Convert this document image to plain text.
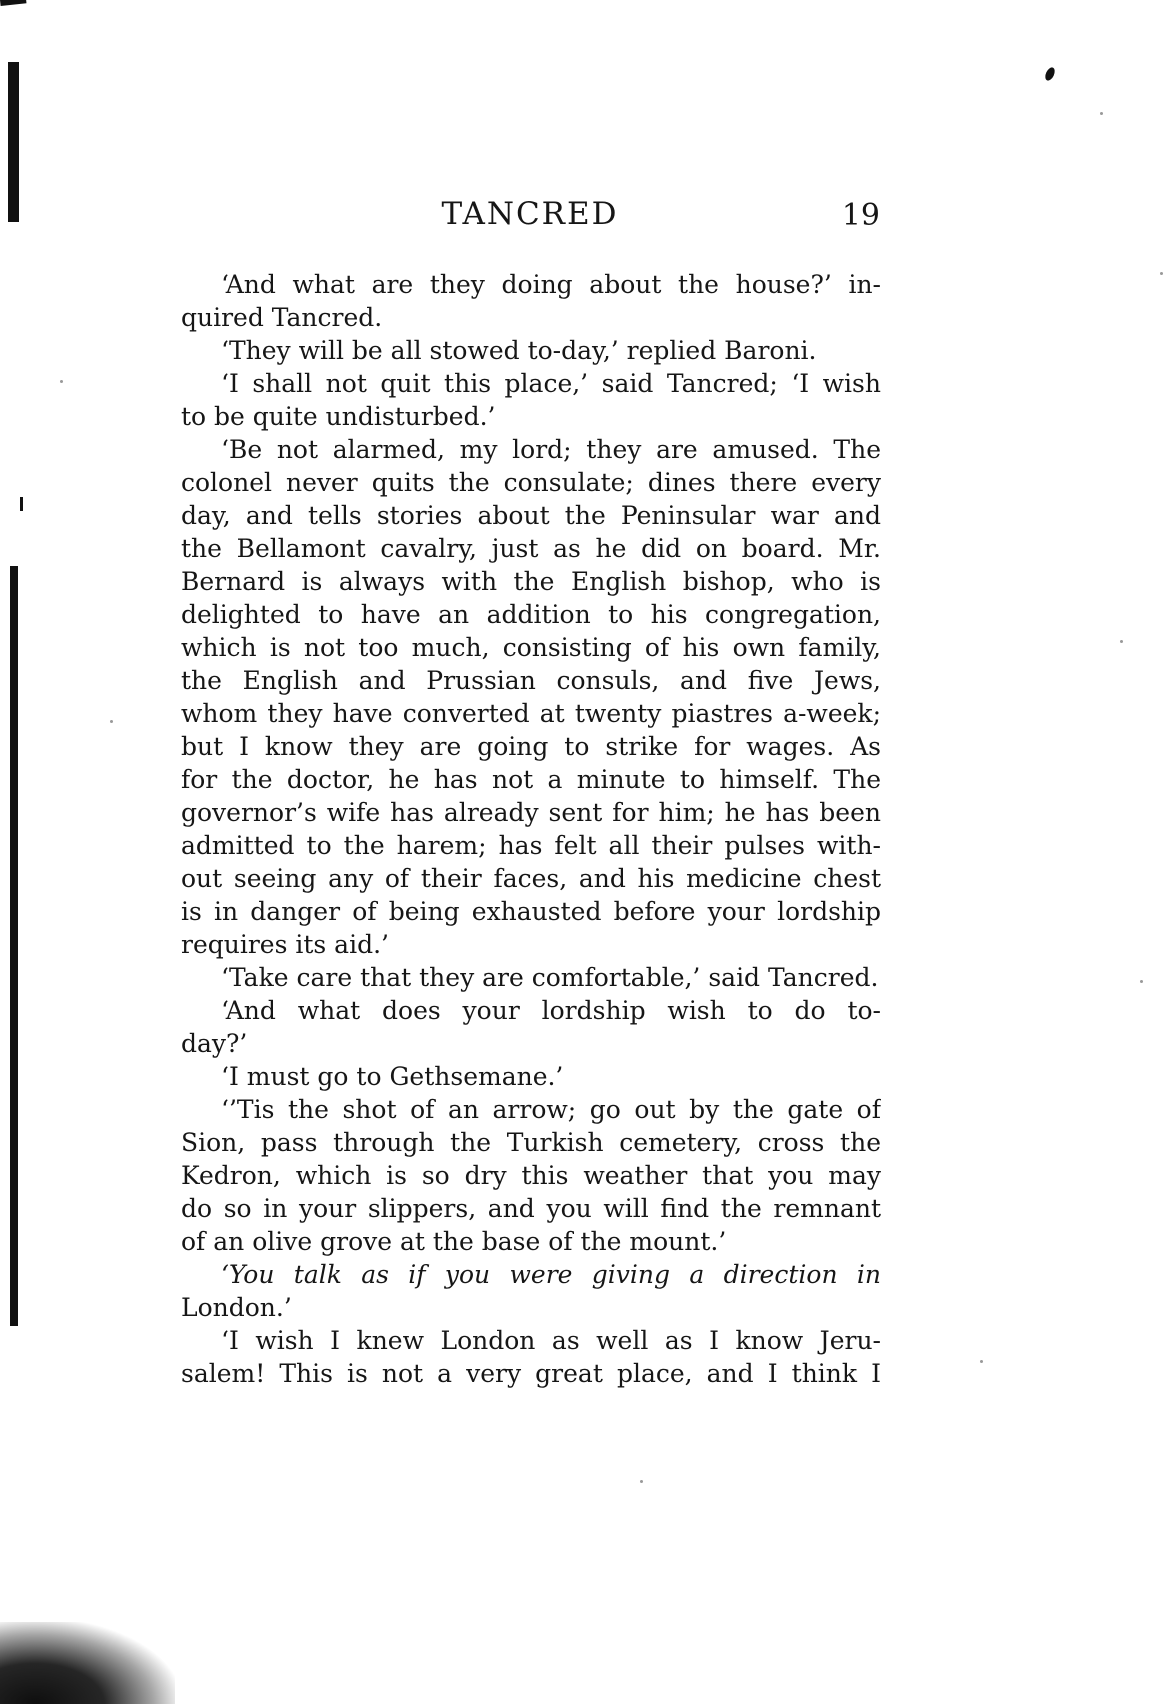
TANCRED	19
‘And what are they doing about the house?’ in-
quired Tancred.
‘They will be all stowed to-day,’ replied Baroni.
‘I shall not quit this place,’ said Tancred; ‘I wish
to be quite undisturbed.’
‘Be not alarmed, my lord; they are amused. The
colonel never quits the consulate; dines there every
day, and tells stories about the Peninsular war and
the Bellamont cavalry, just as he did on board. Mr.
Bernard is always with the English bishop, who is
delighted to have an addition to his congregation,
which is not too much, consisting of his own family,
the English and Prussian consuls, and five Jews,
whom they have converted at twenty piastres a-week;
but I know they are going to strike for wages. As
for the doctor, he has not a minute to himself. The
governor’s wife has already sent for him; he has been
admitted to the harem; has felt all their pulses with-
out seeing any of their faces, and his medicine chest
is in danger of being exhausted before your lordship
requires its aid.’
‘Take care that they are comfortable,’ said Tancred.
‘And what does your lordship wish to do to-
day?’
‘I must go to Gethsemane.’
‘’Tis the shot of an arrow; go out by the gate of
Sion, pass through the Turkish cemetery, cross the
Kedron, which is so dry this weather that you may
do so in your slippers, and you will find the remnant
of an olive grove at the base of the mount.’
‘You talk as if you were giving a direction in
London.’
‘I wish I knew London as well as I know Jeru-
salem! This is not a very great place, and I think I
